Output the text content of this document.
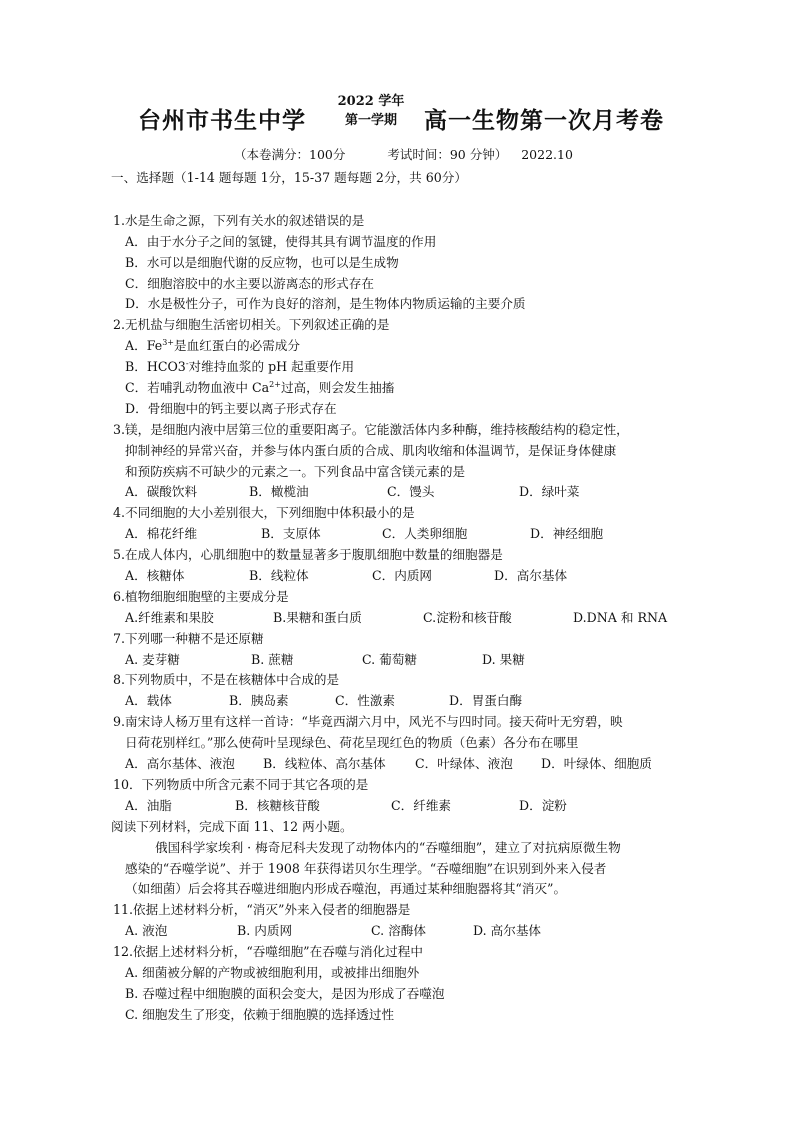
台州市书生中学
2022 学年
第一学期	高一生物第一次月考卷
（本卷满分：100分	考试时间：90 分钟） 2022.10
一、选择题（1-14 题每题 1分，15-37 题每题 2分，共 60分）
1.水是生命之源，下列有关水的叙述错误的是
A．由于水分子之间的氢键，使得其具有调节温度的作用
B．水可以是细胞代谢的反应物，也可以是生成物
C．细胞溶胶中的水主要以游离态的形式存在
D．水是极性分子，可作为良好的溶剂，是生物体内物质运输的主要介质
2.无机盐与细胞生活密切相关。下列叙述正确的是
A．$Fe^{3+}$是血红蛋白的必需成分
B．HCO3-对维持血浆的 pH 起重要作用
C．若哺乳动物血液中 $Ca^{2+}$过高，则会发生抽搐
D．骨细胞中的钙主要以离子形式存在
3.镁，是细胞内液中居第三位的重要阳离子。它能激活体内多种酶，维持核酸结构的稳定性，
抑制神经的异常兴奋，并参与体内蛋白质的合成、肌肉收缩和体温调节，是保证身体健康
和预防疾病不可缺少的元素之一。下列食品中富含镁元素的是
A．碳酸饮料	B．橄榄油	C．馒头	D．绿叶菜
4.不同细胞的大小差别很大，下列细胞中体积最小的是
A．棉花纤维	B．支原体	C．人类卵细胞	D．神经细胞
5.在成人体内，心肌细胞中的数量显著多于腹肌细胞中数量的细胞器是
A．核糖体	B．线粒体	C．内质网	D．高尔基体
6.植物细胞细胞壁的主要成分是
A.纤维素和果胶	B.果糖和蛋白质	C.淀粉和核苷酸	D.DNA 和 RNA
7.下列哪一种糖不是还原糖
A. 麦芽糖	B. 蔗糖	C. 葡萄糖	D. 果糖
8.下列物质中，不是在核糖体中合成的是
A．载体	B．胰岛素	C．性激素	D．胃蛋白酶
9.南宋诗人杨万里有这样一首诗：“毕竟西湖六月中，风光不与四时同。接天荷叶无穷碧，映
日荷花别样红。”那么使荷叶呈现绿色、荷花呈现红色的物质（色素）各分布在哪里
A．高尔基体、液泡	B．线粒体、高尔基体	C．叶绿体、液泡	D．叶绿体、细胞质
10．下列物质中所含元素不同于其它各项的是
A．油脂	B．核糖核苷酸	C．纤维素	D．淀粉
阅读下列材料，完成下面 11、12 两小题。
俄国科学家埃利 · 梅奇尼科夫发现了动物体内的“吞噬细胞”，建立了对抗病原微生物
感染的“吞噬学说”、并于 1908 年获得诺贝尔生理学。“吞噬细胞”在识别到外来入侵者
（如细菌）后会将其吞噬进细胞内形成吞噬泡，再通过某种细胞器将其“消灭”。
11.依据上述材料分析，“消灭”外来入侵者的细胞器是
A. 液泡	B. 内质网	C. 溶酶体	D. 高尔基体
12.依据上述材料分析，“吞噬细胞”在吞噬与消化过程中
A. 细菌被分解的产物或被细胞利用，或被排出细胞外
B. 吞噬过程中细胞膜的面积会变大，是因为形成了吞噬泡
C. 细胞发生了形变，依赖于细胞膜的选择透过性
